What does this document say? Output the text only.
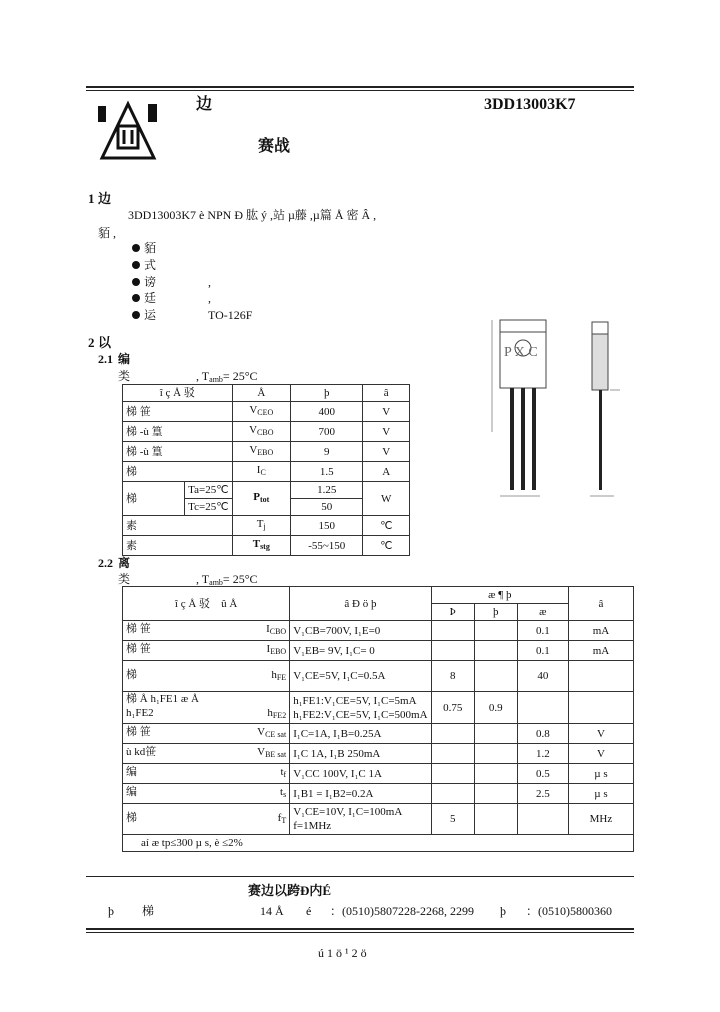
边	3DD13003K7
赛战
1 边
3DD13003K7 è NPN Ð 肱 ý ,站 µ藤 ,µ篇 Å 密 Â ,
貊 ,
貊
式
谤	,
廷	,
运	TO-126F
2 以
2.1 编
类	, $T_{amb}= 25^\circ C$
P X C
î ç Å 驳		Å	þ	â
梯 笹		$V_{CEO}$	400	V
梯 -ù 篁		$V_{CBO}$	700	V
梯 -ù 篁		$V_{EBO}$	9	V
梯		$I_C$	1.5	A
梯	Ta=25℃	$P_{tot}$	1.25	W
	Tc=25℃		50	
素		$T_j$	150	℃
素		$T_{stg}$	-55~150	℃
2.2 离
类	, $T_{amb}= 25^\circ C$
î ç Å 驳 û Å	â Ð ö þ	æ ¶ þ			â
		Þ	þ	æ	
梯 笹 $I_{CBO}$	V₁CB=700V, I₁E=0			0.1	mA
梯 笹 $I_{EBO}$	V₁EB= 9V, I₁C= 0			0.1	mA
梯 $h_{FE}$	V₁CE=5V, I₁C=0.5A	8		40	
梯 Å h₁FE1 æ Å
h₁FE2 $h_{FE2}$	h₁FE1:V₁CE=5V, I₁C=5mA
h₁FE2:V₁CE=5V, I₁C=500mA	0.75	0.9		
梯 笹 $V_{CE sat}$	I₁C=1A, I₁B=0.25A			0.8	V
ù kd笹 $V_{BE sat}$	I₁C 1A, I₁B 250mA			1.2	V
编 $t_f$	V₁CC 100V, I₁C 1A			0.5	µ s
编 $t_s$	I₁B1 = I₁B2=0.2A			2.5	µ s
梯 $f_T$	V₁CE=10V, I₁C=100mA
f=1MHz	5			MHz
aí æ tp≤300 µ s, è ≤2%					
赛边以跨Ð内É
þ 梯	14 Å é ：(0510)5807228-2268, 2299 þ ：(0510)5800360
ú 1 ö ¹ 2 ö
